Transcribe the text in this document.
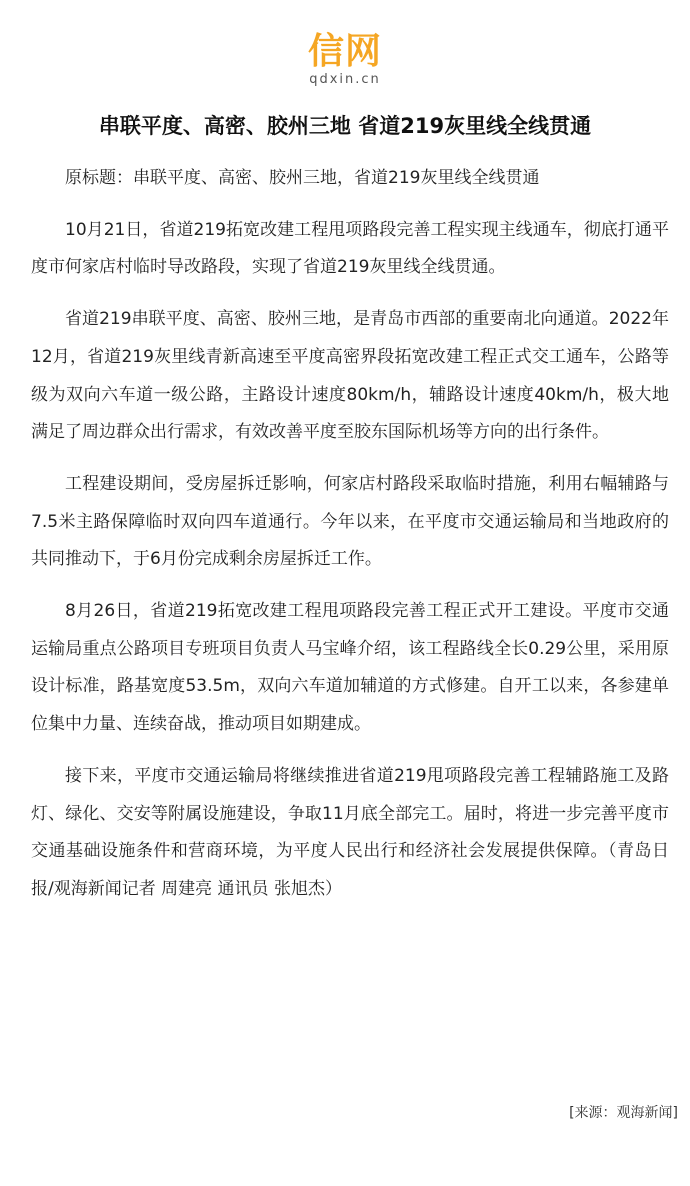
信网
qdxin.cn
串联平度、高密、胶州三地 省道219灰里线全线贯通

原标题：串联平度、高密、胶州三地，省道219灰里线全线贯通

10月21日，省道219拓宽改建工程甩项路段完善工程实现主线通车，彻底打通平度市何家店村临时导改路段，实现了省道219灰里线全线贯通。

省道219串联平度、高密、胶州三地，是青岛市西部的重要南北向通道。2022年12月，省道219灰里线青新高速至平度高密界段拓宽改建工程正式交工通车，公路等级为双向六车道一级公路，主路设计速度80km/h，辅路设计速度40km/h，极大地满足了周边群众出行需求，有效改善平度至胶东国际机场等方向的出行条件。

工程建设期间，受房屋拆迁影响，何家店村路段采取临时措施，利用右幅辅路与7.5米主路保障临时双向四车道通行。今年以来，在平度市交通运输局和当地政府的共同推动下，于6月份完成剩余房屋拆迁工作。

8月26日，省道219拓宽改建工程甩项路段完善工程正式开工建设。平度市交通运输局重点公路项目专班项目负责人马宝峰介绍，该工程路线全长0.29公里，采用原设计标准，路基宽度53.5m，双向六车道加辅道的方式修建。自开工以来，各参建单位集中力量、连续奋战，推动项目如期建成。

接下来，平度市交通运输局将继续推进省道219甩项路段完善工程辅路施工及路灯、绿化、交安等附属设施建设，争取11月底全部完工。届时，将进一步完善平度市交通基础设施条件和营商环境，为平度人民出行和经济社会发展提供保障。（青岛日报/观海新闻记者 周建亮 通讯员 张旭杰）

[来源：观海新闻]
